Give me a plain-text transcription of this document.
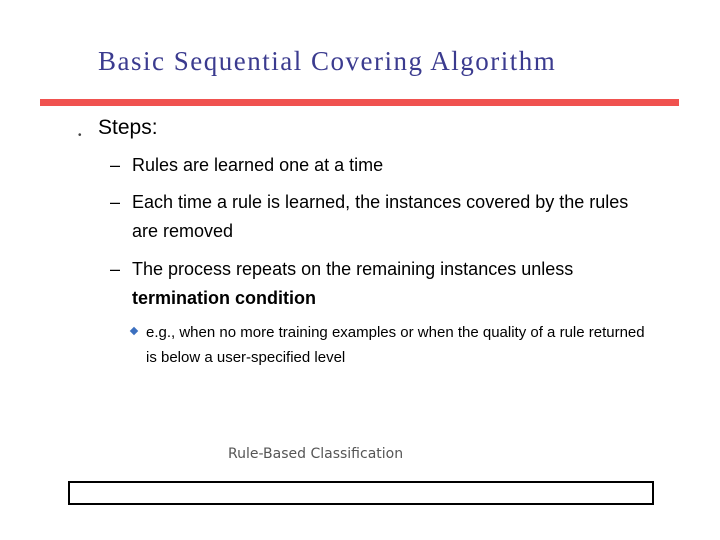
Basic Sequential Covering Algorithm
• Steps:
– Rules are learned one at a time
– Each time a rule is learned, the instances covered by the rules are removed
– The process repeats on the remaining instances unless termination condition
e.g., when no more training examples or when the quality of a rule returned is below a user-specified level
Rule-Based Classification
